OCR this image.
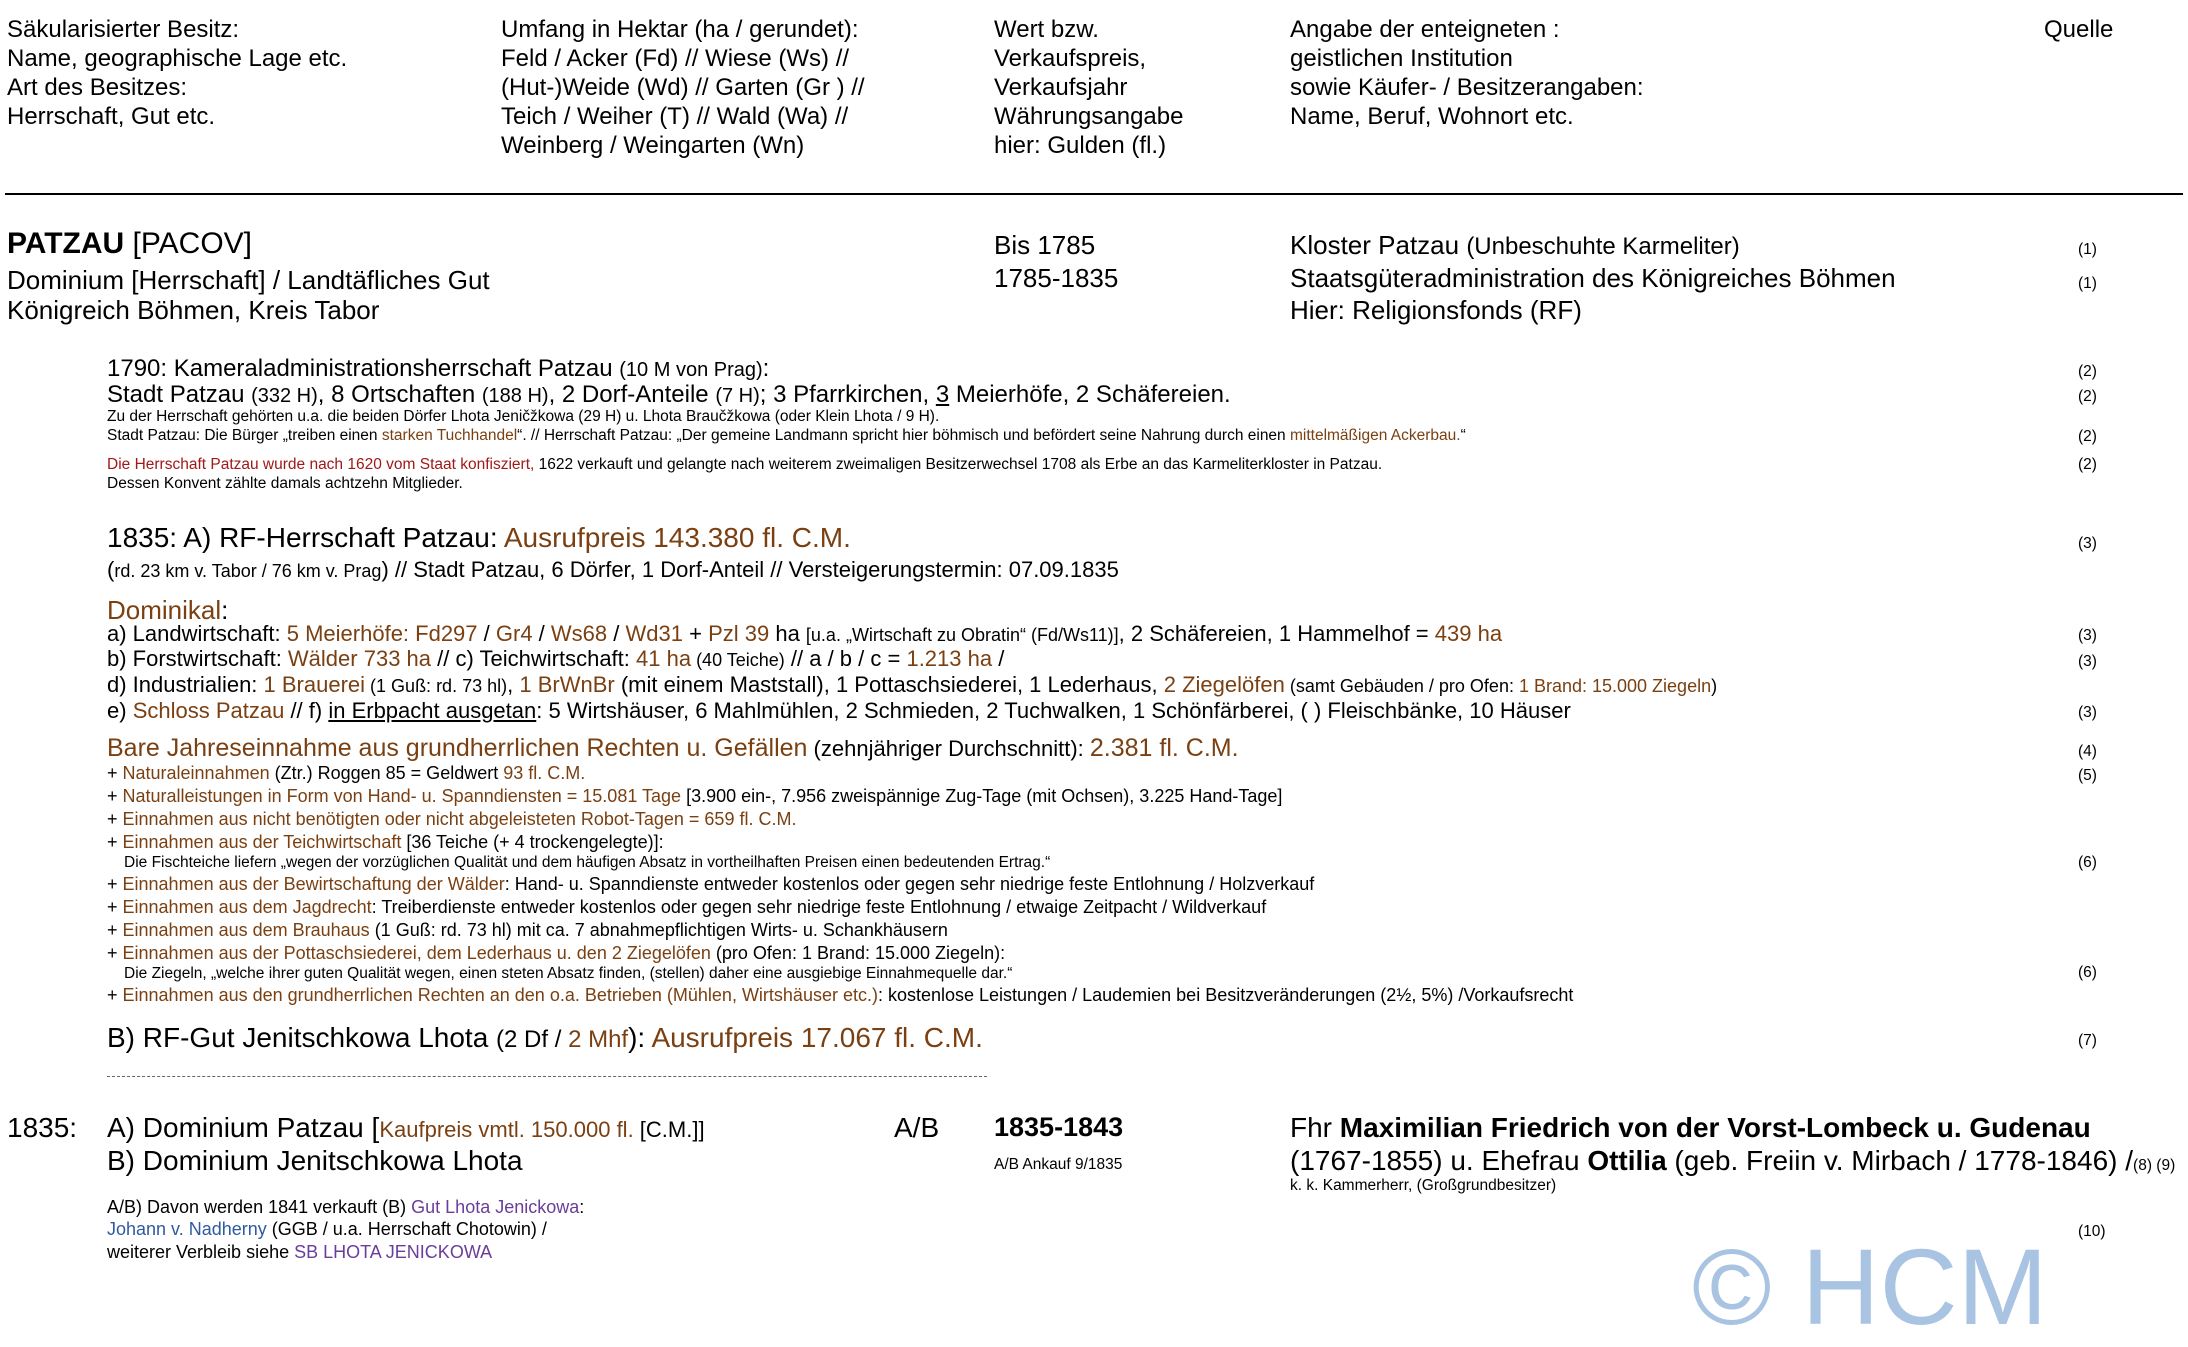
Säkularisierter Besitz:
Name, geographische Lage etc.
Art des Besitzes:
Herrschaft, Gut etc.
Umfang in Hektar (ha / gerundet):
Feld / Acker (Fd) // Wiese (Ws) //
(Hut-)Weide (Wd) // Garten (Gr ) //
Teich / Weiher (T) // Wald (Wa) //
Weinberg / Weingarten (Wn)
Wert bzw.
Verkaufspreis,
Verkaufsjahr
Währungsangabe
hier: Gulden (fl.)
Angabe der enteigneten :
geistlichen Institution
sowie Käufer- / Besitzerangaben:
Name, Beruf, Wohnort etc.
Quelle
PATZAU [PACOV]
Dominium [Herrschaft] / Landtäfliches Gut
Königreich Böhmen, Kreis Tabor
Bis 1785
1785-1835
Kloster Patzau (Unbeschuhte Karmeliter)
Staatsgüteradministration des Königreiches Böhmen
Hier: Religionsfonds (RF)
(1)
(1)
1790: Kameraladministrationsherrschaft Patzau (10 M von Prag):
Stadt Patzau (332 H), 8 Ortschaften (188 H), 2 Dorf-Anteile (7 H); 3 Pfarrkirchen, 3 Meierhöfe, 2 Schäfereien.
Zu der Herrschaft gehörten u.a. die beiden Dörfer Lhota Jeničžkowa (29 H) u. Lhota Braučžkowa (oder Klein Lhota / 9 H).
Stadt Patzau: Die Bürger „treiben einen starken Tuchhandel“. // Herrschaft Patzau: „Der gemeine Landmann spricht hier böhmisch und befördert seine Nahrung durch einen mittelmäßigen Ackerbau.“
Die Herrschaft Patzau wurde nach 1620 vom Staat konfisziert, 1622 verkauft und gelangte nach weiterem zweimaligen Besitzerwechsel 1708 als Erbe an das Karmeliterkloster in Patzau.
Dessen Konvent zählte damals achtzehn Mitglieder.
(2)
(2)
(2)
(2)
1835: A) RF-Herrschaft Patzau: Ausrufpreis 143.380 fl. C.M.
(rd. 23 km v. Tabor / 76 km v. Prag) // Stadt Patzau, 6 Dörfer, 1 Dorf-Anteil // Versteigerungstermin: 07.09.1835
Dominikal:
a) Landwirtschaft: 5 Meierhöfe: Fd297 / Gr4 / Ws68 / Wd31 + Pzl 39 ha [u.a. „Wirtschaft zu Obratin“ (Fd/Ws11)], 2 Schäfereien, 1 Hammelhof = 439 ha
b) Forstwirtschaft: Wälder 733 ha // c) Teichwirtschaft: 41 ha (40 Teiche) // a / b / c = 1.213 ha /
d) Industrialien: 1 Brauerei (1 Guß: rd. 73 hl), 1 BrWnBr (mit einem Maststall), 1 Pottaschsiederei, 1 Lederhaus, 2 Ziegelöfen (samt Gebäuden / pro Ofen: 1 Brand: 15.000 Ziegeln)
e) Schloss Patzau // f) in Erbpacht ausgetan: 5 Wirtshäuser, 6 Mahlmühlen, 2 Schmieden, 2 Tuchwalken, 1 Schönfärberei, ( ) Fleischbänke, 10 Häuser
Bare Jahreseinnahme aus grundherrlichen Rechten u. Gefällen (zehnjähriger Durchschnitt): 2.381 fl. C.M.
+ Naturaleinnahmen (Ztr.) Roggen 85 = Geldwert 93 fl. C.M.
+ Naturalleistungen in Form von Hand- u. Spanndiensten = 15.081 Tage [3.900 ein-, 7.956 zweispännige Zug-Tage (mit Ochsen), 3.225 Hand-Tage]
+ Einnahmen aus nicht benötigten oder nicht abgeleisteten Robot-Tagen = 659 fl. C.M.
+ Einnahmen aus der Teichwirtschaft [36 Teiche (+ 4 trockengelegte)]:
Die Fischteiche liefern „wegen der vorzüglichen Qualität und dem häufigen Absatz in vortheilhaften Preisen einen bedeutenden Ertrag.“
+ Einnahmen aus der Bewirtschaftung der Wälder: Hand- u. Spanndienste entweder kostenlos oder gegen sehr niedrige feste Entlohnung / Holzverkauf
+ Einnahmen aus dem Jagdrecht: Treiberdienste entweder kostenlos oder gegen sehr niedrige feste Entlohnung / etwaige Zeitpacht / Wildverkauf
+ Einnahmen aus dem Brauhaus (1 Guß: rd. 73 hl) mit ca. 7 abnahmepflichtigen Wirts- u. Schankhäusern
+ Einnahmen aus der Pottaschsiederei, dem Lederhaus u. den 2 Ziegelöfen (pro Ofen: 1 Brand: 15.000 Ziegeln):
Die Ziegeln, „welche ihrer guten Qualität wegen, einen steten Absatz finden, (stellen) daher eine ausgiebige Einnahmequelle dar.“
+ Einnahmen aus den grundherrlichen Rechten an den o.a. Betrieben (Mühlen, Wirtshäuser etc.): kostenlose Leistungen / Laudemien bei Besitzveränderungen (2½, 5%) /Vorkaufsrecht
B) RF-Gut Jenitschkowa Lhota (2 Df / 2 Mhf): Ausrufpreis 17.067 fl. C.M.
(3)
(3)
(3)
(3)
(4)
(5)
(6)
(6)
(7)
1835: A) Dominium Patzau [Kaufpreis vmtl. 150.000 fl. [C.M.]]
B) Dominium Jenitschkowa Lhota
A/B 1835-1843
A/B Ankauf 9/1835
Fhr Maximilian Friedrich von der Vorst-Lombeck u. Gudenau
(1767-1855) u. Ehefrau Ottilia (geb. Freiin v. Mirbach / 1778-1846) /(8) (9)
k. k. Kammerherr, (Großgrundbesitzer)
A/B) Davon werden 1841 verkauft (B) Gut Lhota Jenickowa:
Johann v. Nadherny (GGB / u.a. Herrschaft Chotowin) /
weiterer Verbleib siehe SB LHOTA JENICKOWA
(10)
© HCM
